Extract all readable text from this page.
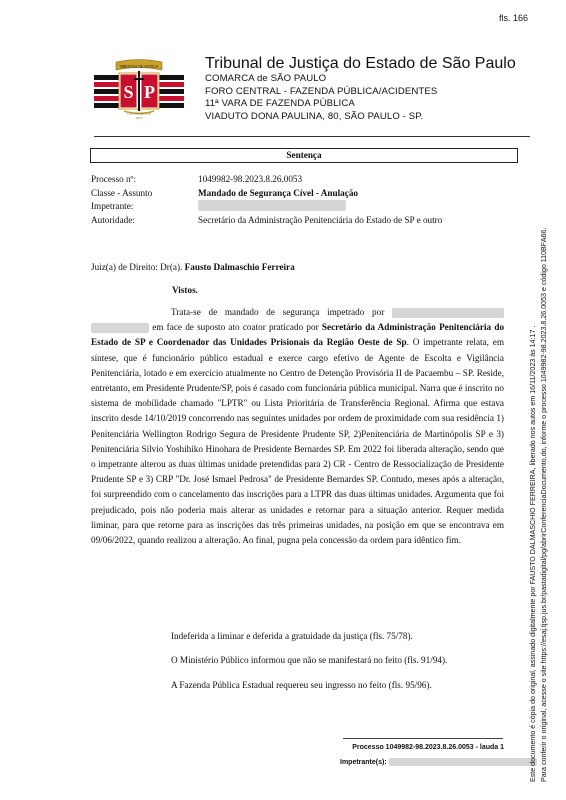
fls. 166
TRIBUNAL DE JUSTIÇA
S P
LEX PRVDENTIA
1874
Tribunal de Justiça do Estado de São Paulo
COMARCA de SÃO PAULO
FORO CENTRAL - FAZENDA PÚBLICA/ACIDENTES
11ª VARA DE FAZENDA PÚBLICA
VIADUTO DONA PAULINA, 80, SÃO PAULO - SP.
Sentença
Processo nº:	1049982-98.2023.8.26.0053
Classe - Assunto	Mandado de Segurança Cível - Anulação
Impetrante:
Autoridade:	Secretário da Administração Penitenciária do Estado de SP e outro
Juiz(a) de Direito: Dr(a). Fausto Dalmaschio Ferreira
Vistos.

Trata-se de mandado de segurança impetrado por   em face de suposto ato coator praticado por Secretário da Administração Penitenciária do Estado de SP e Coordenador das Unidades Prisionais da Região Oeste de Sp. O impetrante relata, em síntese, que é funcionário público estadual e exerce cargo efetivo de Agente de Escolta e Vigilância Penitenciária, lotado e em exercício atualmente no Centro de Detenção Provisória II de Pacaembu – SP. Reside, entretanto, em Presidente Prudente/SP, pois é casado com funcionária pública municipal. Narra que é inscrito no sistema de mobilidade chamado "LPTR" ou Lista Prioritária de Transferência Regional. Afirma que estava inscrito desde 14/10/2019 concorrendo nas seguintes unidades por ordem de proximidade com sua residência 1) Penitenciária Wellington Rodrigo Segura de Presidente Prudente SP, 2)Penitenciária de Martinópolis SP e 3) Penitenciária Silvio Yoshihiko Hinohara de Presidente Bernardes SP. Em 2022 foi liberada alteração, sendo que o impetrante alterou as duas últimas unidade pretendidas para 2) CR - Centro de Ressocialização de Presidente Prudente SP e 3) CRP "Dr. José Ismael Pedrosa" de Presidente Bernardes SP. Contudo, meses após a alteração, foi surpreendido com o cancelamento das inscrições para a LTPR das duas últimas unidades. Argumenta que foi prejudicado, pois não poderia mais alterar as unidades e retornar para a situação anterior. Requer medida liminar, para que retorne para as inscrições das três primeiras unidades, na posição em que se encontrava em 09/06/2022, quando realizou a alteração. Ao final, pugna pela concessão da ordem para idêntico fim.

Indeferida a liminar e deferida a gratuidade da justiça (fls. 75/78).
O Ministério Público informou que não se manifestará no feito (fls. 91/94).
A Fazenda Pública Estadual requereu seu ingresso no feito (fls. 95/96).
Processo 1049982-98.2023.8.26.0053 - lauda 1
Impetrante(s):	Este documento é cópia do original, assinado digitalmente por FAUSTO DALMASCHIO FERREIRA, liberado nos autos em 16/11/2023 às 14:17 . Para conferir o original, acesse o site https://esaj.tjsp.jus.br/pastadigital/pg/abrirConferenciaDocumento.do, informe o processo 1049982-98.2023.8.26.0053 e código 110BFA66.
